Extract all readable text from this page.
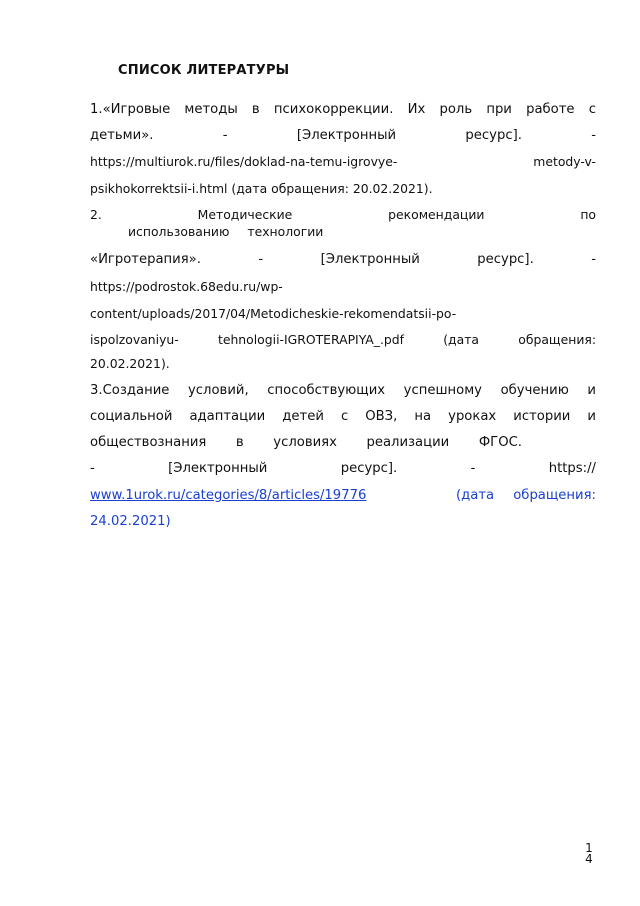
СПИСОК ЛИТЕРАТУРЫ
1.«Игровые методы в психокоррекции. Их роль при работе с
детьми». - [Электронный ресурс]. -
https://multiurok.ru/files/doklad-na-temu-igrovye- metody-v-
psikhokorrektsii-i.html (дата обращения: 20.02.2021).
2. Методические рекомендации по
использованию технологии
«Игротерапия». - [Электронный ресурс]. -
https://podrostok.68edu.ru/wp-
content/uploads/2017/04/Metodicheskie-rekomendatsii-po-
ispolzovaniyu- tehnologii-IGROTERAPIYA_.pdf (дата обращения:
20.02.2021).
3.Создание условий, способствующих успешному обучению и
социальной адаптации детей с ОВЗ, на уроках истории и
обществознания в условиях реализации ФГОС.
- [Электронный ресурс]. - https://
www.1urok.ru/categories/8/articles/19776	(дата обращения:
24.02.2021)
1
4
